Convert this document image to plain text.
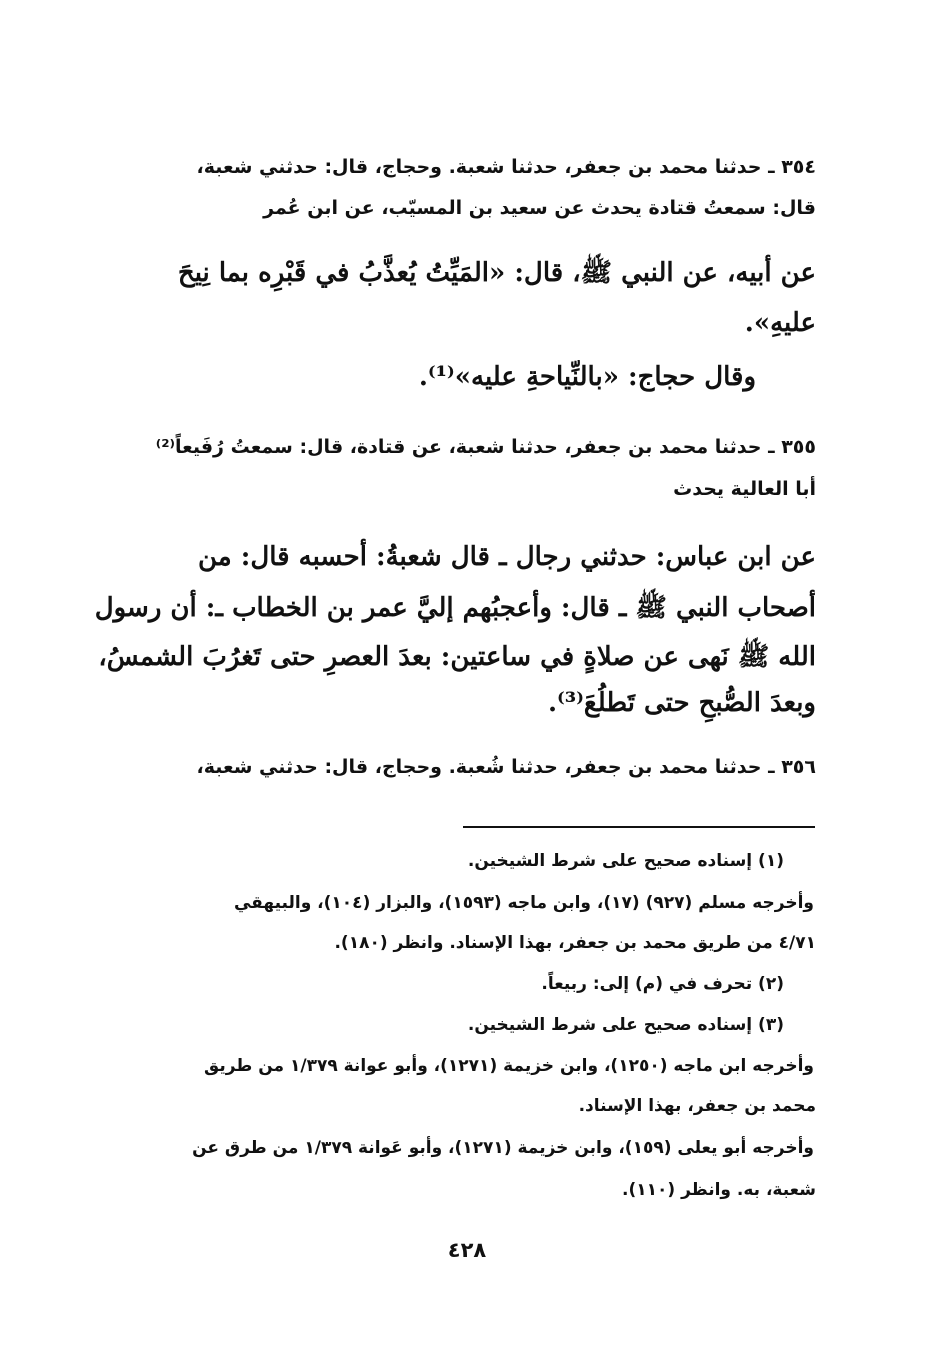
٣٥٤ ـ حدثنا محمد بن جعفر، حدثنا شعبة. وحجاج، قال: حدثني شعبة،
قال: سمعتُ قتادة يحدث عن سعيد بن المسيّب، عن ابن عُمر
عن أبيه، عن النبي ﷺ، قال: «المَيِّتُ يُعذَّبُ في قَبْرِه بما نِيحَ
عليهِ».
وقال حجاج: «بالنِّياحةِ عليه»⁽¹⁾.
٣٥٥ ـ حدثنا محمد بن جعفر، حدثنا شعبة، عن قتادة، قال: سمعتُ رُفَيعاً⁽²⁾
أبا العالية يحدث
عن ابن عباس: حدثني رجال ـ قال شعبةُ: أحسبه قال: من
أصحاب النبي ﷺ ـ قال: وأعجبُهم إليَّ عمر بن الخطاب ـ: أن رسول
الله ﷺ نَهى عن صلاةٍ في ساعتين: بعدَ العصرِ حتى تَغرُبَ الشمسُ،
وبعدَ الصُّبحِ حتى تَطلُعَ⁽³⁾.
٣٥٦ ـ حدثنا محمد بن جعفر، حدثنا شُعبة. وحجاج، قال: حدثني شعبة،
(١) إسناده صحيح على شرط الشيخين.
وأخرجه مسلم (٩٢٧) (١٧)، وابن ماجه (١٥٩٣)، والبزار (١٠٤)، والبيهقي
٤/٧١ من طريق محمد بن جعفر، بهذا الإسناد. وانظر (١٨٠).
(٢) تحرف في (م) إلى: ربيعاً.
(٣) إسناده صحيح على شرط الشيخين.
وأخرجه ابن ماجه (١٢٥٠)، وابن خزيمة (١٢٧١)، وأبو عوانة ١/٣٧٩ من طريق
محمد بن جعفر، بهذا الإسناد.
وأخرجه أبو يعلى (١٥٩)، وابن خزيمة (١٢٧١)، وأبو عَوانة ١/٣٧٩ من طرق عن
شعبة، به. وانظر (١١٠).
٤٢٨
